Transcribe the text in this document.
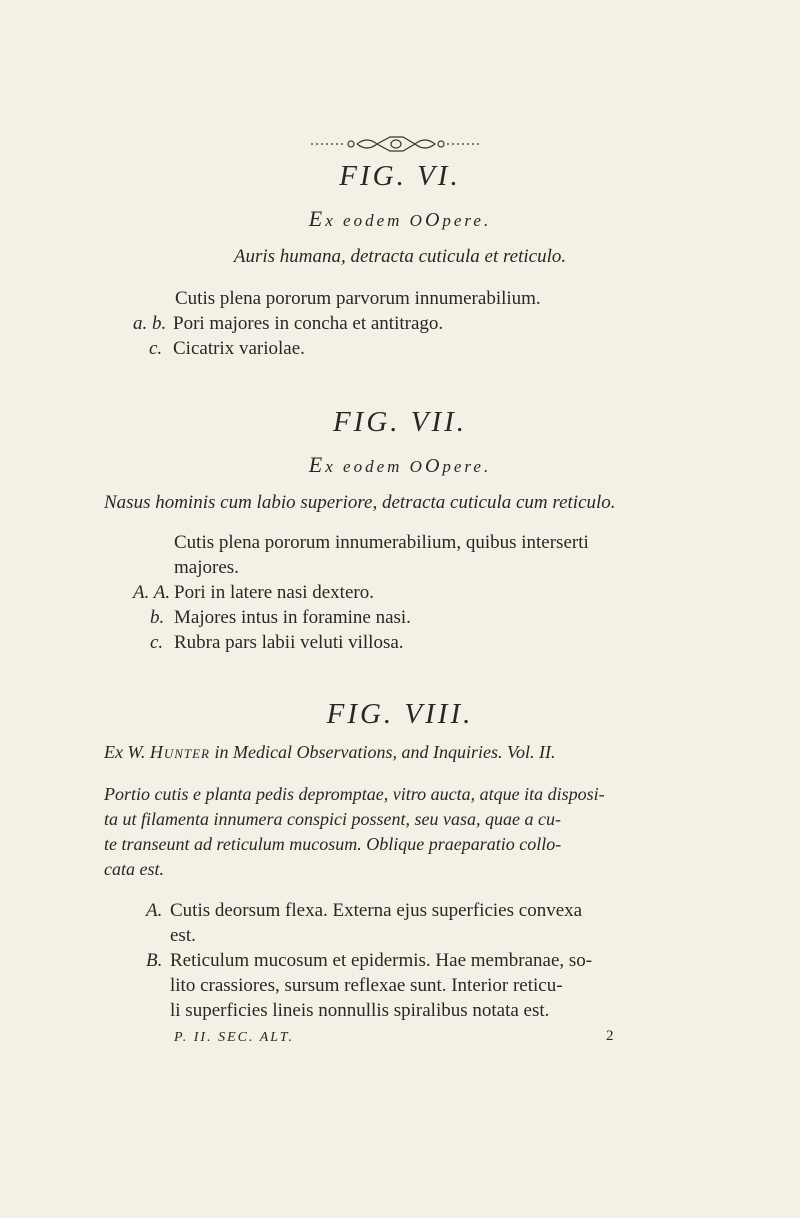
FIG. VI.
Ex eodem OOpere.
Auris humana, detracta cuticula et reticulo.
Cutis plena pororum parvorum innumerabilium.
a. b. Pori majores in concha et antitrago.
c. Cicatrix variolae.
FIG. VII.
Ex eodem OOpere.
Nasus hominis cum labio superiore, detracta cuticula cum reticulo.
Cutis plena pororum innumerabilium, quibus interserti
majores.
A. A. Pori in latere nasi dextero.
b. Majores intus in foramine nasi.
c. Rubra pars labii veluti villosa.
FIG. VIII.
Ex W. Hunter in Medical Observations, and Inquiries. Vol. II.
Portio cutis e planta pedis depromptae, vitro aucta, atque ita disposi-
ta ut filamenta innumera conspici possent, seu vasa, quae a cu-
te transeunt ad reticulum mucosum. Oblique praeparatio collo-
cata est.
A. Cutis deorsum flexa. Externa ejus superficies convexa
est.
B. Reticulum mucosum et epidermis. Hae membranae, so-
lito crassiores, sursum reflexae sunt. Interior reticu-
li superficies lineis nonnullis spiralibus notata est.
P. II. SEC. ALT.	2
